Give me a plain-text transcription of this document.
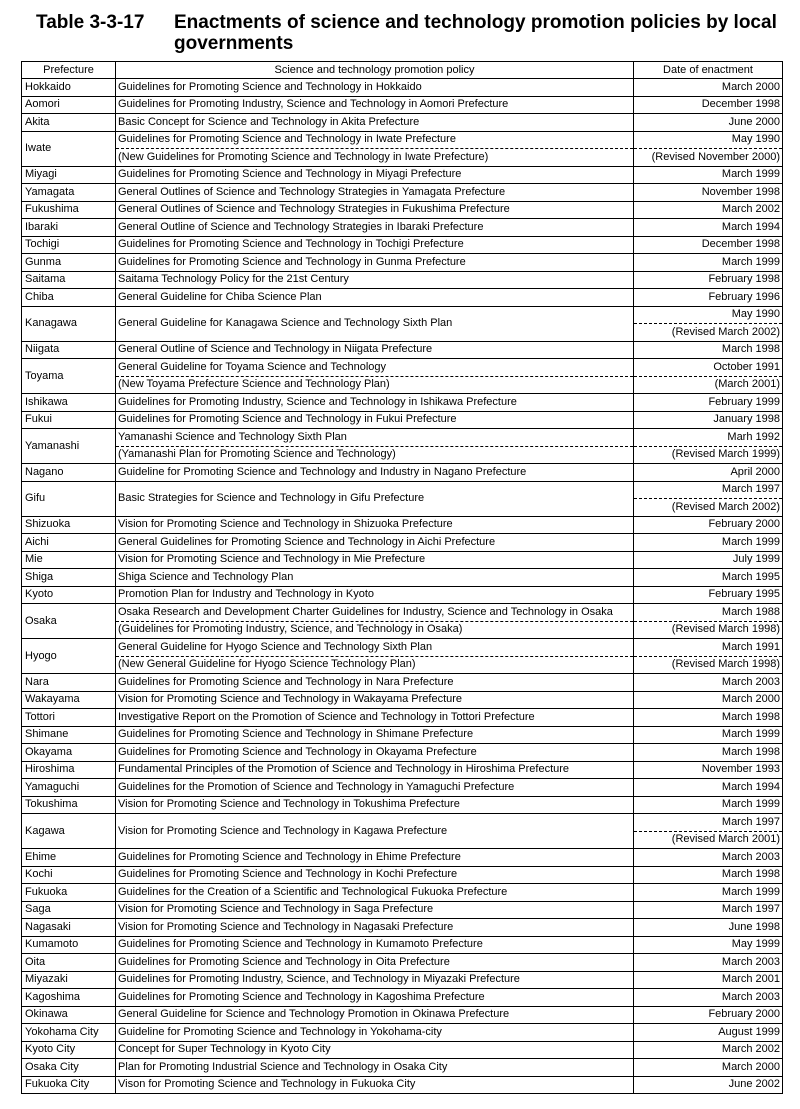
Table 3-3-17 Enactments of science and technology promotion policies by local governments
Prefecture	Science and technology promotion policy	Date of enactment
Hokkaido	Guidelines for Promoting Science and Technology in Hokkaido	March 2000
Aomori	Guidelines for Promoting Industry, Science and Technology in Aomori Prefecture	December 1998
Akita	Basic Concept for Science and Technology in Akita Prefecture	June 2000
Iwate	Guidelines for Promoting Science and Technology in Iwate Prefecture	May 1990
	(New Guidelines for Promoting Science and Technology in Iwate Prefecture)	(Revised November 2000)
Miyagi	Guidelines for Promoting Science and Technology in Miyagi Prefecture	March 1999
Yamagata	General Outlines of Science and Technology Strategies in Yamagata Prefecture	November 1998
Fukushima	General Outlines of Science and Technology Strategies in Fukushima Prefecture	March 2002
Ibaraki	General Outline of Science and Technology Strategies in Ibaraki Prefecture	March 1994
Tochigi	Guidelines for Promoting Science and Technology in Tochigi Prefecture	December 1998
Gunma	Guidelines for Promoting Science and Technology in Gunma Prefecture	March 1999
Saitama	Saitama Technology Policy for the 21st Century	February 1998
Chiba	General Guideline for Chiba Science Plan	February 1996
Kanagawa	General Guideline for Kanagawa Science and Technology Sixth Plan	May 1990
		(Revised March 2002)
Niigata	General Outline of Science and Technology in Niigata Prefecture	March 1998
Toyama	General Guideline for Toyama Science and Technology	October 1991
	(New Toyama Prefecture Science and Technology Plan)	(March 2001)
Ishikawa	Guidelines for Promoting Industry, Science and Technology in Ishikawa Prefecture	February 1999
Fukui	Guidelines for Promoting Science and Technology in Fukui Prefecture	January 1998
Yamanashi	Yamanashi Science and Technology Sixth Plan	Marh 1992
	(Yamanashi Plan for Promoting Science and Technology)	(Revised March 1999)
Nagano	Guideline for Promoting Science and Technology and Industry in Nagano Prefecture	April 2000
Gifu	Basic Strategies for Science and Technology in Gifu Prefecture	March 1997
		(Revised March 2002)
Shizuoka	Vision for Promoting Science and Technology in Shizuoka Prefecture	February 2000
Aichi	General Guidelines for Promoting Science and Technology in Aichi Prefecture	March 1999
Mie	Vision for Promoting Science and Technology in Mie Prefecture	July 1999
Shiga	Shiga Science and Technology Plan	March 1995
Kyoto	Promotion Plan for Industry and Technology in Kyoto	February 1995
Osaka	Osaka Research and Development Charter Guidelines for Industry, Science and Technology in Osaka	March 1988
	(Guidelines for Promoting Industry, Science, and Technology in Osaka)	(Revised March 1998)
Hyogo	General Guideline for Hyogo Science and Technology Sixth Plan	March 1991
	(New General Guideline for Hyogo Science Technology Plan)	(Revised March 1998)
Nara	Guidelines for Promoting Science and Technology in Nara Prefecture	March 2003
Wakayama	Vision for Promoting Science and Technology in Wakayama Prefecture	March 2000
Tottori	Investigative Report on the Promotion of Science and Technology in Tottori Prefecture	March 1998
Shimane	Guidelines for Promoting Science and Technology in Shimane Prefecture	March 1999
Okayama	Guidelines for Promoting Science and Technology in Okayama Prefecture	March 1998
Hiroshima	Fundamental Principles of the Promotion of Science and Technology in Hiroshima Prefecture	November 1993
Yamaguchi	Guidelines for the Promotion of Science and Technology in Yamaguchi Prefecture	March 1994
Tokushima	Vision for Promoting Science and Technology in Tokushima Prefecture	March 1999
Kagawa	Vision for Promoting Science and Technology in Kagawa Prefecture	March 1997
		(Revised March 2001)
Ehime	Guidelines for Promoting Science and Technology in Ehime Prefecture	March 2003
Kochi	Guidelines for Promoting Science and Technology in Kochi Prefecture	March 1998
Fukuoka	Guidelines for the Creation of a Scientific and Technological Fukuoka Prefecture	March 1999
Saga	Vision for Promoting Science and Technology in Saga Prefecture	March 1997
Nagasaki	Vision for Promoting Science and Technology in Nagasaki Prefecture	June 1998
Kumamoto	Guidelines for Promoting Science and Technology in Kumamoto Prefecture	May 1999
Oita	Guidelines for Promoting Science and Technology in Oita Prefecture	March 2003
Miyazaki	Guidelines for Promoting Industry, Science, and Technology in Miyazaki Prefecture	March 2001
Kagoshima	Guidelines for Promoting Science and Technology in Kagoshima Prefecture	March 2003
Okinawa	General Guideline for Science and Technology Promotion in Okinawa Prefecture	February 2000
Yokohama City	Guideline for Promoting Science and Technology in Yokohama-city	August 1999
Kyoto City	Concept for Super Technology in Kyoto City	March 2002
Osaka City	Plan for Promoting Industrial Science and Technology in Osaka City	March 2000
Fukuoka City	Vison for Promoting Science and Technology in Fukuoka City	June 2002
